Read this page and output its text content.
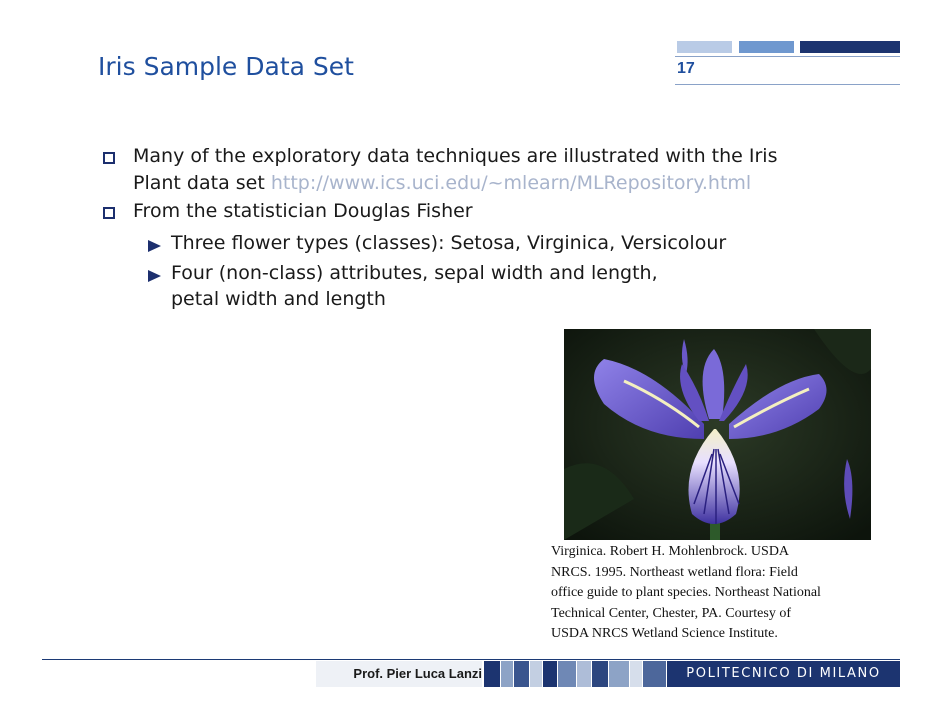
Iris Sample Data Set	17
Many of the exploratory data techniques are illustrated with the Iris
Plant data set http://www.ics.uci.edu/~mlearn/MLRepository.html
From the statistician Douglas Fisher
Three flower types (classes): Setosa, Virginica, Versicolour
Four (non-class) attributes, sepal width and length,
petal width and length
Virginica. Robert H. Mohlenbrock. USDA
NRCS. 1995. Northeast wetland flora: Field
office guide to plant species. Northeast National
Technical Center, Chester, PA. Courtesy of
USDA NRCS Wetland Science Institute.
Prof. Pier Luca Lanzi	POLITECNICO DI MILANO
